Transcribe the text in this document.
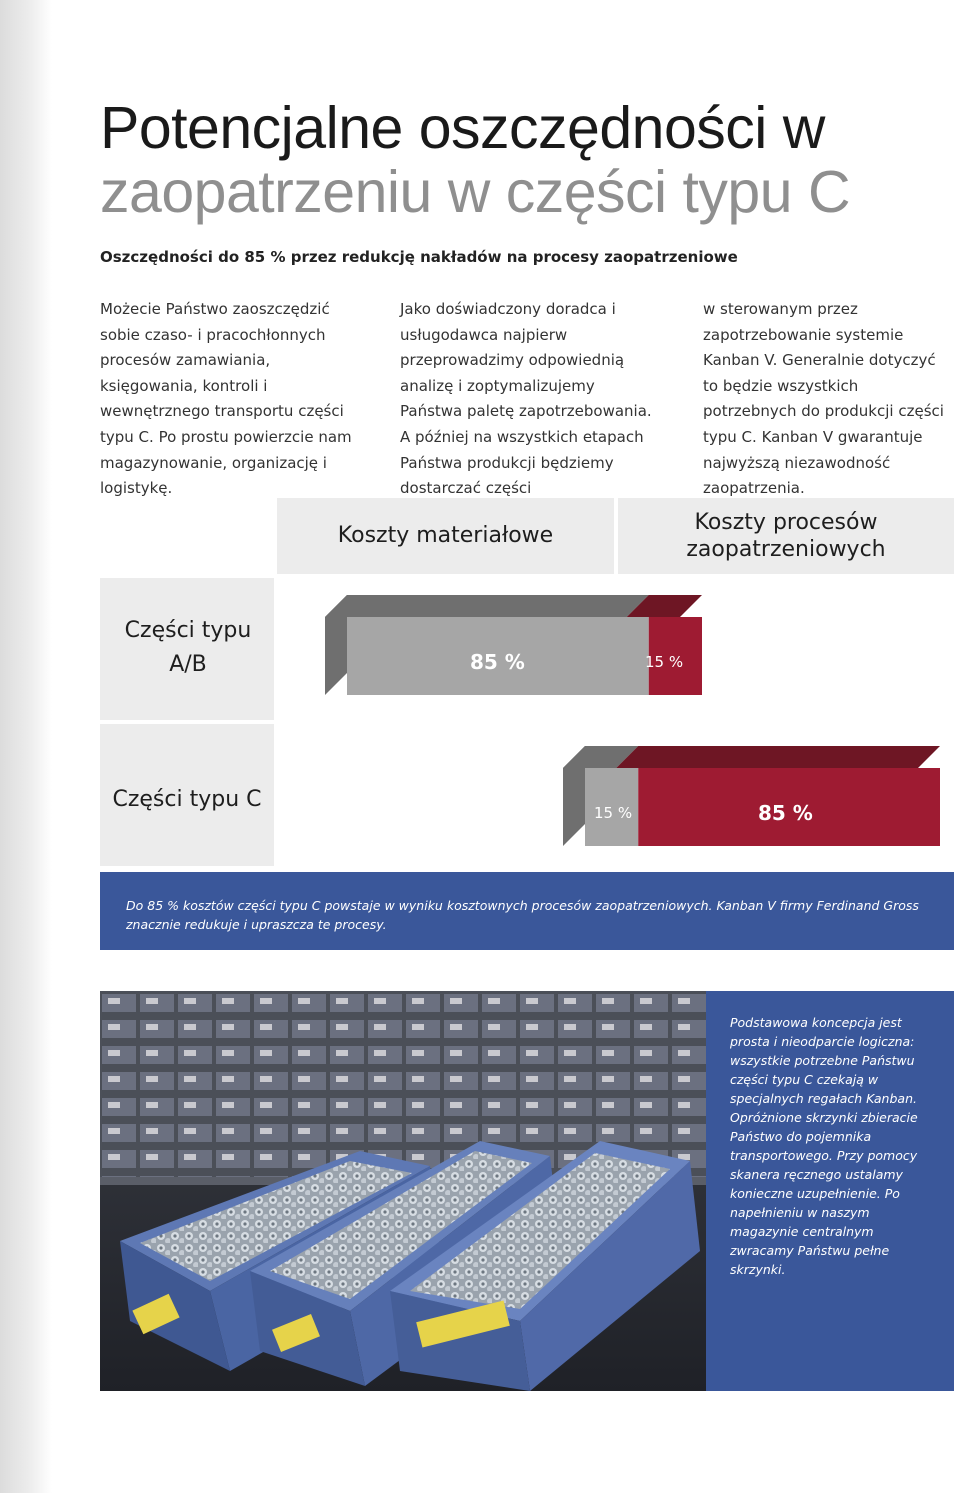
Potencjalne oszczędności w
zaopatrzeniu w części typu C

Oszczędności do 85 % przez redukcję nakładów na procesy zaopatrzeniowe

Możecie Państwo zaoszczędzić sobie czaso- i pracochłonnych procesów zamawiania, księgowania, kontroli i wewnętrznego transportu części typu C. Po prostu powierzcie nam magazynowanie, organizację i logistykę.

Jako doświadczony doradca i usługodawca najpierw przeprowadzimy odpowiednią analizę i zoptymalizujemy Państwa paletę zapotrzebowania. A później na wszystkich etapach Państwa produkcji będziemy dostarczać części

w sterowanym przez zapotrzebowanie systemie Kanban V. Generalnie dotyczyć to będzie wszystkich potrzebnych do produkcji części typu C. Kanban V gwarantuje najwyższą niezawodność zaopatrzenia.

Koszty materiałowe
Koszty procesów zaopatrzeniowych
Części typu A/B
Części typu C
85 %	15 %
15 %	85 %
Do 85 % kosztów części typu C powstaje w wyniku kosztownych procesów zaopatrzeniowych. Kanban V firmy Ferdinand Gross znacznie redukuje i upraszcza te procesy.
Podstawowa koncepcja jest prosta i nieodparcie logiczna: wszystkie potrzebne Państwu części typu C czekają w specjalnych regałach Kanban. Opróżnione skrzynki zbieracie Państwo do pojemnika transportowego. Przy pomocy skanera ręcznego ustalamy konieczne uzupełnienie. Po napełnieniu w naszym magazynie centralnym zwracamy Państwu pełne skrzynki.
